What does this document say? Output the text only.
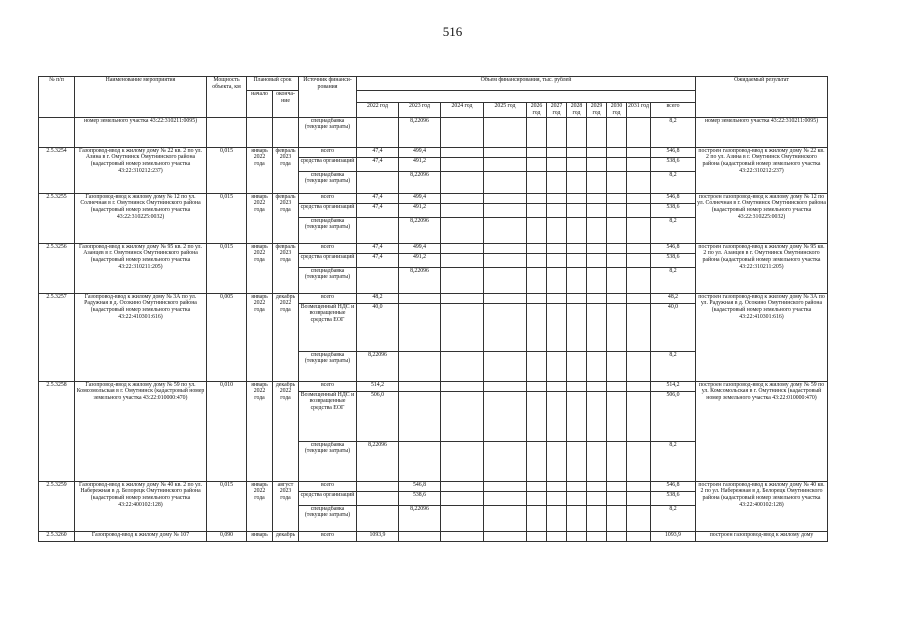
516
№ п/п	Наименование мероприятия	Мощность объекта, км	Плановый срок		Источник финанси-рования	Объем финансирования, тыс. рублей											Ожидаемый результат
			начало	оконча-ние													
						2022 год	2023 год	2024 год	2025 год	2026 год	2027 год	2028 год	2029 год	2030 год	2031 год	всего	
	номер земельного участка 43:22:310211:0095)				спецнадбавка (текущие затраты)		8,22096									8,2	номер земельного участка 43:22:310211:0095)
2.5.3254	Газопровод-ввод к жилому дому № 22 кв. 2 по ул. Азина в г. Омутнинск Омутнинского района (кадастровый номер земельного участка 43:22:310212:237)	0,015	январь 2022 года	февраль 2023 года	всего	47,4	499,4									546,8	построен газопровод-ввод к жилому дому № 22 кв. 2 по ул. Азина в г. Омутнинск Омутнинского района (кадастровый номер земельного участка 43:22:310212:237)
					средства организаций	47,4	491,2									538,6	
					спецнадбавка (текущие затраты)		8,22096									8,2	
2.5.3255	Газопровод-ввод к жилому дому № 12 по ул. Солнечная в г. Омутнинск Омутнинского района (кадастровый номер земельного участка 43:22:310225:0032)	0,015	январь 2022 года	февраль 2023 года	всего	47,4	499,4									546,8	построен газопровод-ввод к жилому дому № 12 по ул. Солнечная в г. Омутнинск Омутнинского района (кадастровый номер земельного участка 43:22:310225:0032)
					средства организаций	47,4	491,2									538,6	
					спецнадбавка (текущие затраты)		8,22096									8,2	
2.5.3256	Газопровод-ввод к жилому дому № 95 кв. 2 по ул. Азанцев в г. Омутнинск Омутнинского района (кадастровый номер земельного участка 43:22:310211:205)	0,015	январь 2022 года	февраль 2023 года	всего	47,4	499,4									546,8	построен газопровод-ввод к жилому дому № 95 кв. 2 по ул. Азанцев в г. Омутнинск Омутнинского района (кадастровый номер земельного участка 43:22:310211:205)
					средства организаций	47,4	491,2									538,6	
					спецнадбавка (текущие затраты)		8,22096									8,2	
2.5.3257	Газопровод-ввод к жилому дому № 3А по ул. Радужная в д. Осокино Омутнинского района (кадастровый номер земельного участка 43:22:410301:616)	0,005	январь 2022 года	декабрь 2022 года	всего	48,2										48,2	построен газопровод-ввод к жилому дому № 3А по ул. Радужная в д. Осокино Омутнинского района (кадастровый номер земельного участка 43:22:410301:616)
					Возмещенный НДС и возвращенные средства ЕОГ	40,0										40,0	
					спецнадбавка (текущие затраты)	8,22096										8,2	
2.5.3258	Газопровод-ввод к жилому дому № 59 по ул. Комсомольская в г. Омутнинск (кадастровый номер земельного участка 43:22:010000:470)	0,010	январь 2022 года	декабрь 2022 года	всего	514,2										514,2	построен газопровод-ввод к жилому дому № 59 по ул. Комсомольская в г. Омутнинск (кадастровый номер земельного участка 43:22:010000:470)
					Возмещенный НДС и возвращенные средства ЕОГ	506,0										506,0	
					спецнадбавка (текущие затраты)	8,22096										8,2	
2.5.3259	Газопровод-ввод к жилому дому № 40 кв. 2 по ул. Набережная в д. Белорецк Омутнинского района (кадастровый номер земельного участка 43:22:400102:128)	0,015	январь 2022 года	август 2023 года	всего		546,8									546,8	построен газопровод-ввод к жилому дому № 40 кв. 2 по ул. Набережная в д. Белорецк Омутнинского района (кадастровый номер земельного участка 43:22:400102:128)
					средства организаций		538,6									538,6	
					спецнадбавка (текущие затраты)		8,22096									8,2	
2.5.3260	Газопровод-ввод к жилому дому № 107	0,090	январь	декабрь	всего	1093,9										1093,9	построен газопровод-ввод к жилому дому
